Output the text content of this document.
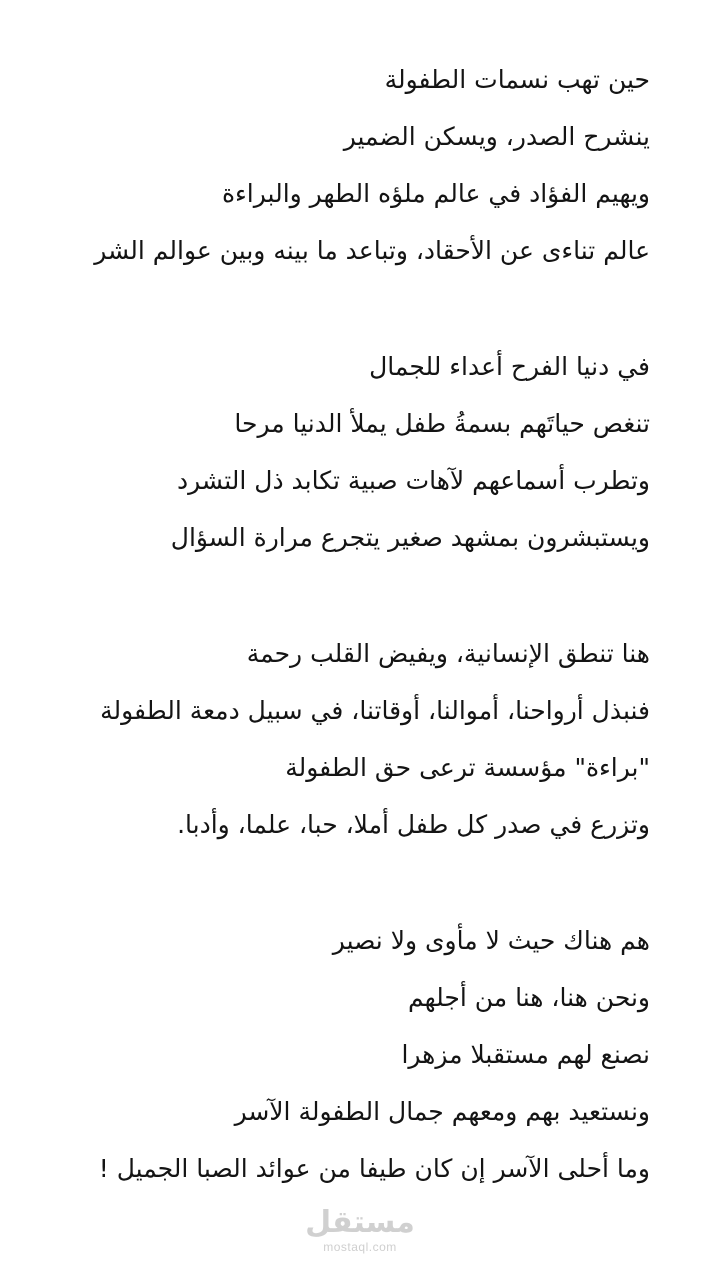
حين تهب نسمات الطفولة
ينشرح الصدر، ويسكن الضمير
ويهيم الفؤاد في عالم ملؤه الطهر والبراءة
عالم تناءى عن الأحقاد، وتباعد ما بينه وبين عوالم الشر
في دنيا الفرح أعداء للجمال
تنغص حياتَهم بسمةُ طفل يملأ الدنيا مرحا
وتطرب أسماعهم لآهات صبية تكابد ذل التشرد
ويستبشرون بمشهد صغير يتجرع مرارة السؤال
هنا تنطق الإنسانية، ويفيض القلب رحمة
فنبذل أرواحنا، أموالنا، أوقاتنا، في سبيل دمعة الطفولة
"براءة" مؤسسة ترعى حق الطفولة
وتزرع في صدر كل طفل أملا، حبا، علما، وأدبا.
هم هناك حيث لا مأوى ولا نصير
ونحن هنا، هنا من أجلهم
نصنع لهم مستقبلا مزهرا
ونستعيد بهم ومعهم جمال الطفولة الآسر
وما أحلى الآسر إن كان طيفا من عوائد الصبا الجميل !
مستقل
mostaql.com
